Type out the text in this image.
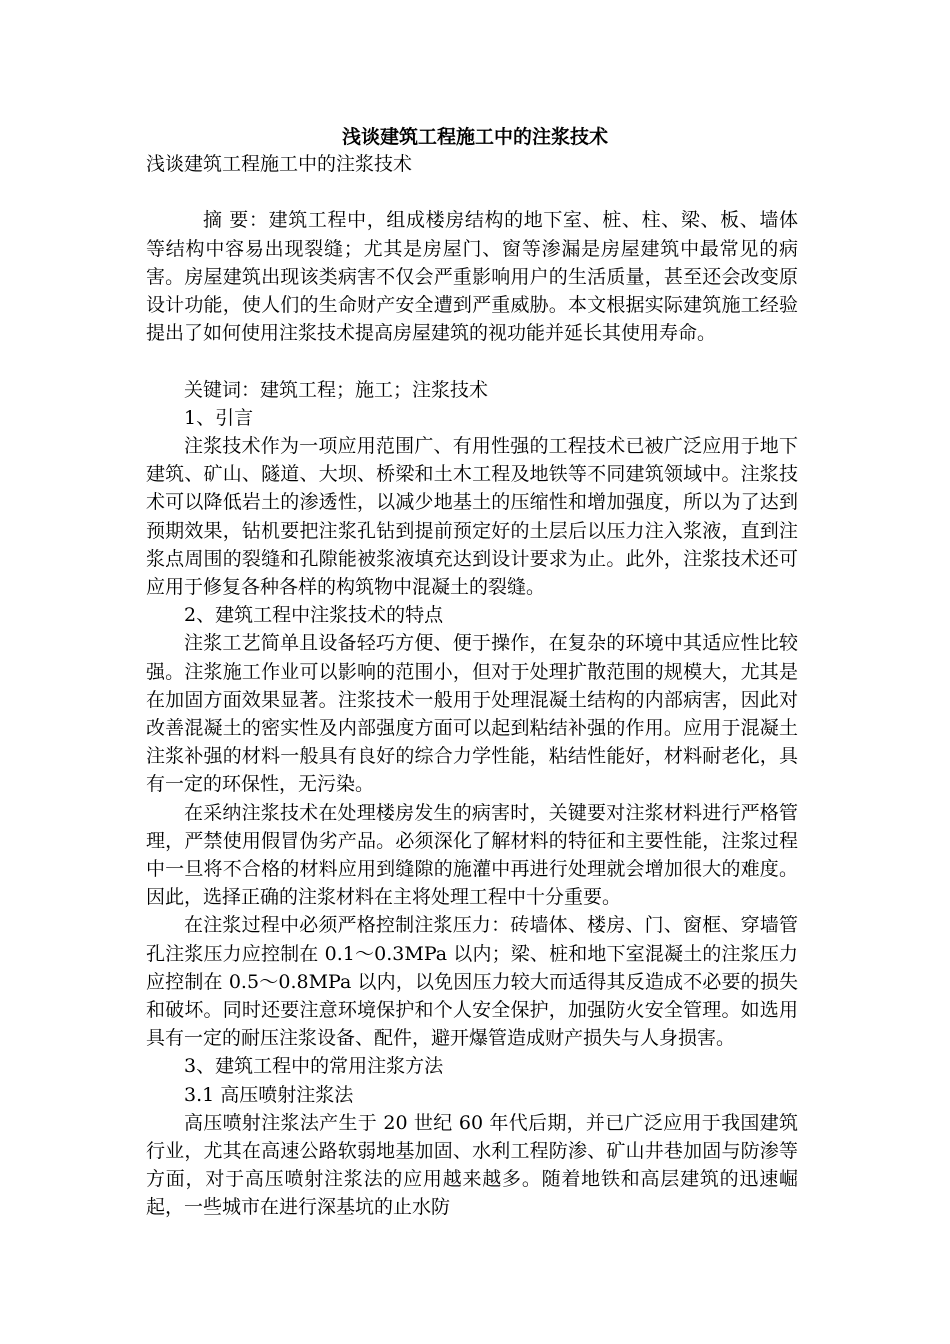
浅谈建筑工程施工中的注浆技术

浅谈建筑工程施工中的注浆技术

摘 要：建筑工程中，组成楼房结构的地下室、桩、柱、梁、板、墙体等结构中容易出现裂缝；尤其是房屋门、窗等渗漏是房屋建筑中最常见的病害。房屋建筑出现该类病害不仅会严重影响用户的生活质量，甚至还会改变原设计功能，使人们的生命财产安全遭到严重威胁。本文根据实际建筑施工经验提出了如何使用注浆技术提高房屋建筑的视功能并延长其使用寿命。

关键词：建筑工程；施工；注浆技术

1、引言

注浆技术作为一项应用范围广、有用性强的工程技术已被广泛应用于地下建筑、矿山、隧道、大坝、桥梁和土木工程及地铁等不同建筑领域中。注浆技术可以降低岩土的渗透性，以减少地基土的压缩性和增加强度，所以为了达到预期效果，钻机要把注浆孔钻到提前预定好的土层后以压力注入浆液，直到注浆点周围的裂缝和孔隙能被浆液填充达到设计要求为止。此外，注浆技术还可应用于修复各种各样的构筑物中混凝土的裂缝。

2、建筑工程中注浆技术的特点

注浆工艺简单且设备轻巧方便、便于操作，在复杂的环境中其适应性比较强。注浆施工作业可以影响的范围小，但对于处理扩散范围的规模大，尤其是在加固方面效果显著。注浆技术一般用于处理混凝土结构的内部病害，因此对改善混凝土的密实性及内部强度方面可以起到粘结补强的作用。应用于混凝土注浆补强的材料一般具有良好的综合力学性能，粘结性能好，材料耐老化，具有一定的环保性，无污染。

在采纳注浆技术在处理楼房发生的病害时，关键要对注浆材料进行严格管理，严禁使用假冒伪劣产品。必须深化了解材料的特征和主要性能，注浆过程中一旦将不合格的材料应用到缝隙的施灌中再进行处理就会增加很大的难度。因此，选择正确的注浆材料在主将处理工程中十分重要。

在注浆过程中必须严格控制注浆压力：砖墙体、楼房、门、窗框、穿墙管孔注浆压力应控制在 0.1～0.3MPa 以内；梁、桩和地下室混凝土的注浆压力应控制在 0.5～0.8MPa 以内，以免因压力较大而适得其反造成不必要的损失和破坏。同时还要注意环境保护和个人安全保护，加强防火安全管理。如选用具有一定的耐压注浆设备、配件，避开爆管造成财产损失与人身损害。

3、建筑工程中的常用注浆方法

3.1 高压喷射注浆法

高压喷射注浆法产生于 20 世纪 60 年代后期，并已广泛应用于我国建筑行业，尤其在高速公路软弱地基加固、水利工程防渗、矿山井巷加固与防渗等方面，对于高压喷射注浆法的应用越来越多。随着地铁和高层建筑的迅速崛起，一些城市在进行深基坑的止水防
